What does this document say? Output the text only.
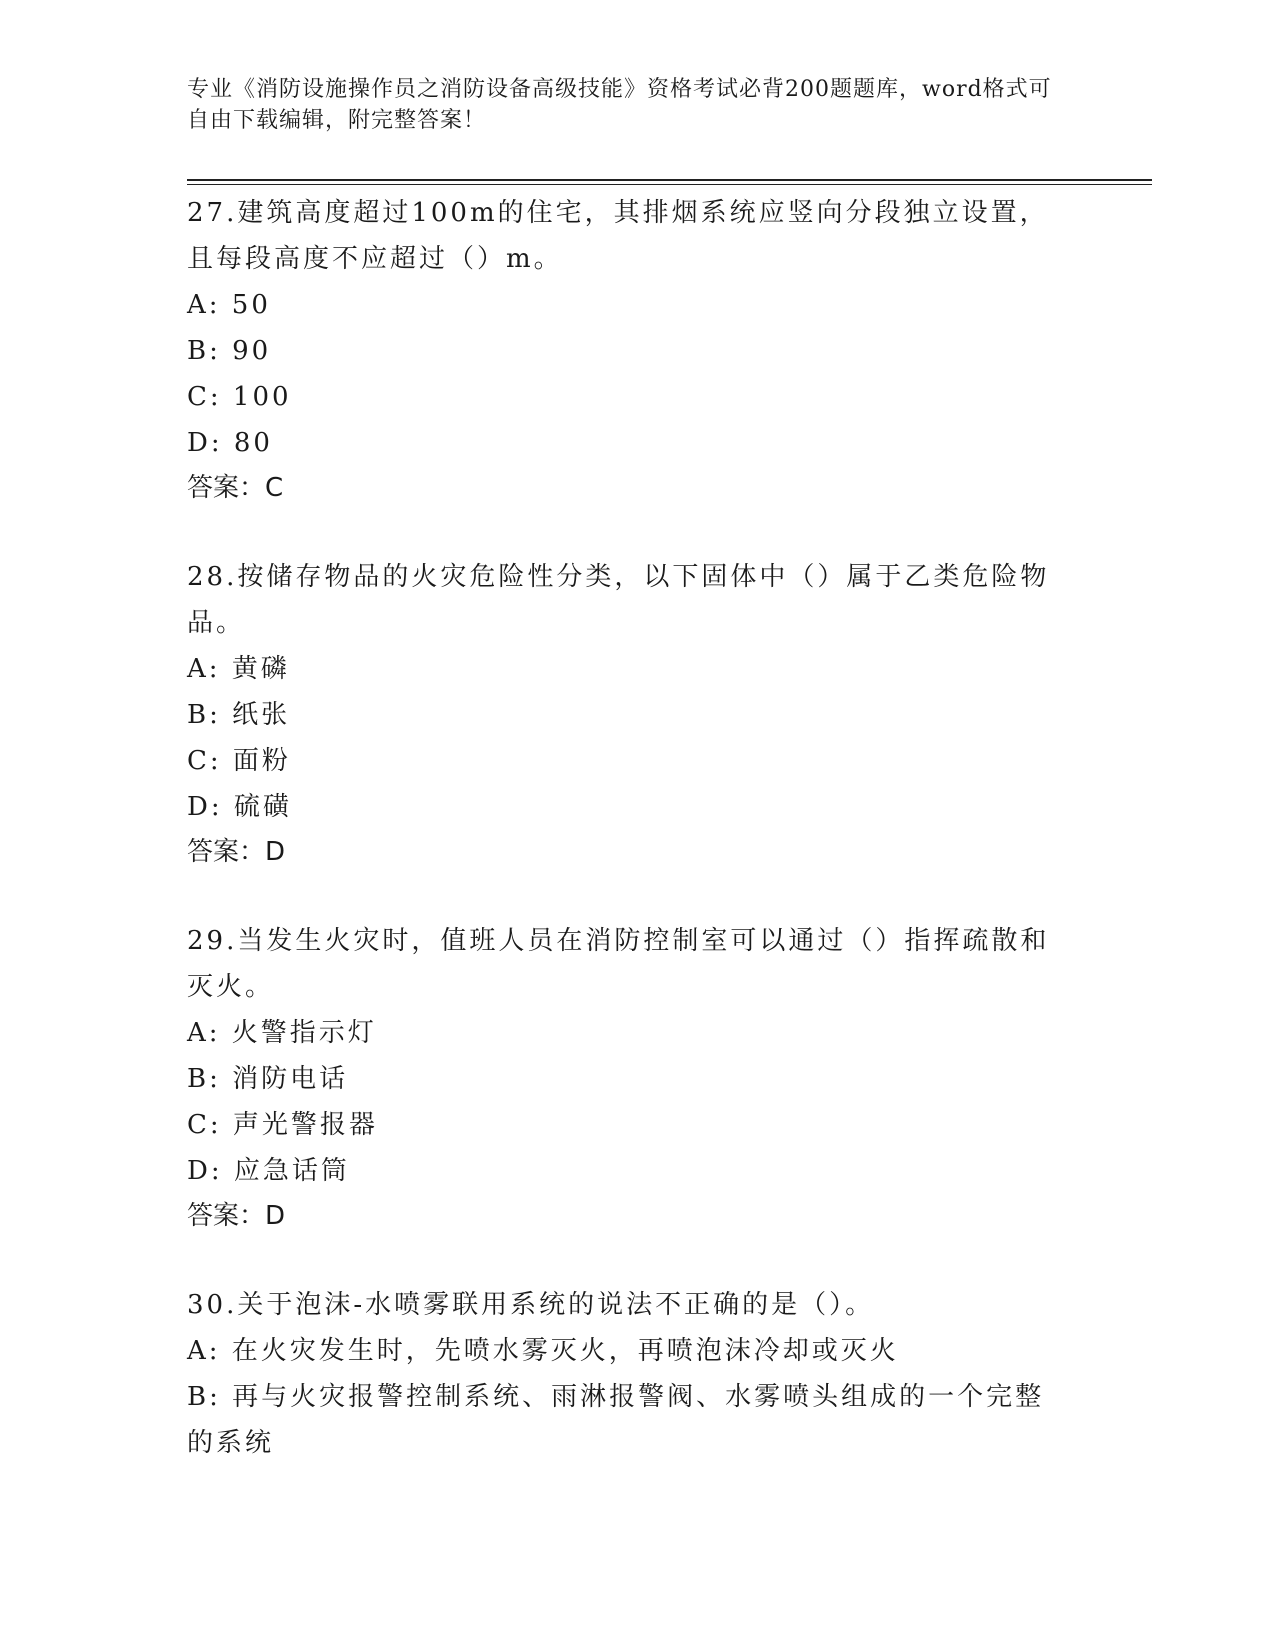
专业《消防设施操作员之消防设备高级技能》资格考试必背200题题库，word格式可自由下载编辑，附完整答案！

27.建筑高度超过100m的住宅，其排烟系统应竖向分段独立设置，且每段高度不应超过（）m。

A: 50

B: 90

C: 100

D: 80

答案：C

28.按储存物品的火灾危险性分类，以下固体中（）属于乙类危险物品。

A: 黄磷

B: 纸张

C: 面粉

D: 硫磺

答案：D

29.当发生火灾时，值班人员在消防控制室可以通过（）指挥疏散和灭火。

A: 火警指示灯

B: 消防电话

C: 声光警报器

D: 应急话筒

答案：D

30.关于泡沫-水喷雾联用系统的说法不正确的是（）。

A: 在火灾发生时，先喷水雾灭火，再喷泡沫冷却或灭火

B: 再与火灾报警控制系统、雨淋报警阀、水雾喷头组成的一个完整的系统
